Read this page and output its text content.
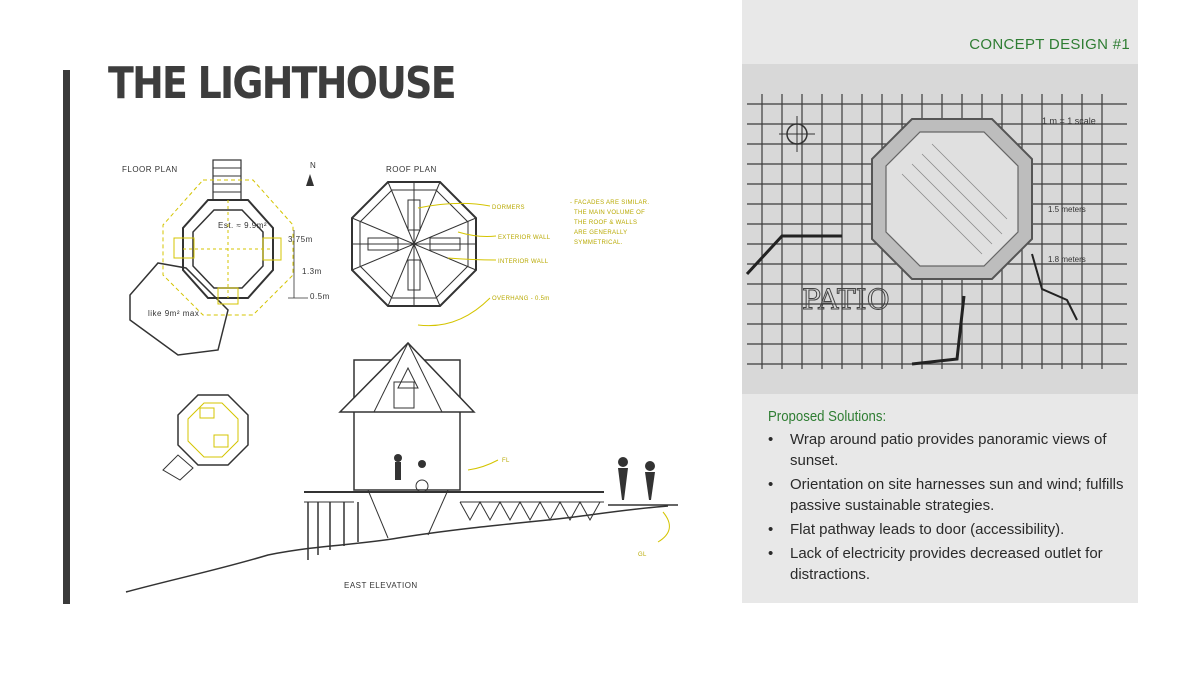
THE LIGHTHOUSE
FLOOR PLAN
Est. ≈ 9.9m²
3.75m
1.3m
0.5m
like 9m² max
N	ROOF PLAN
DORMERS
EXTERIOR WALL
INTERIOR WALL
OVERHANG - 0.5m
- FACADES ARE SIMILAR.
THE MAIN VOLUME OF
THE ROOF & WALLS
ARE GENERALLY
SYMMETRICAL.
FL
GL
EAST ELEVATION

CONCEPT DESIGN #1

PATIO
1 m = 1 scale
1.5 meters
1.8 meters

Proposed Solutions:

• Wrap around patio provides panoramic views of sunset.
• Orientation on site harnesses sun and wind; fulfills passive sustainable strategies.
• Flat pathway leads to door (accessibility).
• Lack of electricity provides decreased outlet for distractions.
